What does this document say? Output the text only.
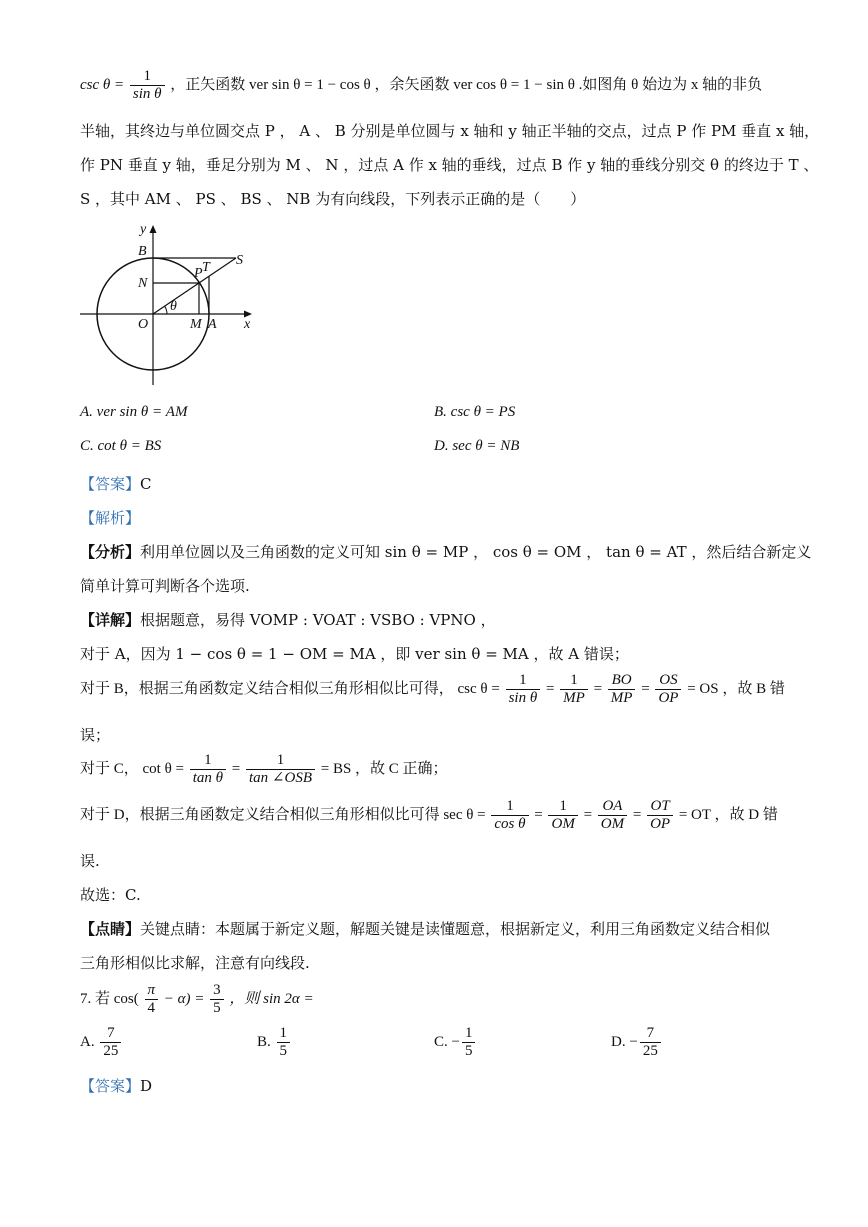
$\csc \theta = \frac{1}{\text{sin θ}}$ ，正矢函数 ver sin θ = 1 − cos θ ，余矢函数 ver cos θ = 1 − sin θ .如图角 θ 始边为 x 轴的非负
半轴，其终边与单位圆交点 P ， A 、 B 分别是单位圆与 x 轴和 y 轴正半轴的交点，过点 P 作 PM 垂直 x 轴，
作 PN 垂直 y 轴，垂足分别为 M 、 N ，过点 A 作 x 轴的垂线，过点 B 作 y 轴的垂线分别交 θ 的终边于 T 、
S ，其中 AM 、 PS 、 BS 、 NB 为有向线段，下列表示正确的是（　　）
y
B
N
P T S
θ
O	M A x
A. ver sin θ = AM	B. csc θ = PS
C. cot θ = BS	D. sec θ = NB
【答案】C
【解析】
【分析】利用单位圆以及三角函数的定义可知 sin θ = MP ， cos θ = OM ， tan θ = AT ，然后结合新定义
简单计算可判断各个选项.
【详解】根据题意，易得 VOMP : VOAT : VSBO : VPNO ，
对于 A，因为 1 − cos θ = 1 − OM = MA ，即 ver sin θ = MA ，故 A 错误；
对于 B，根据三角函数定义结合相似三角形相似比可得， $\csc \theta = \frac{1}{\text{sin θ}} = \frac{1}{MP} = \frac{BO}{MP} = \frac{OS}{OP}$ = OS ，故 B 错
误；
对于 C， $\cot \theta = \frac{1}{\text{tan θ}} = \frac{1}{\text{tan ∠OSB}}$ = BS ，故 C 正确；
对于 D，根据三角函数定义结合相似三角形相似比可得 $\sec \theta = \frac{1}{\text{cos θ}} = \frac{1}{OM} = \frac{OA}{OM} = \frac{OT}{OP}$ = OT ，故 D 错
误.
故选：C.
【点睛】关键点睛：本题属于新定义题，解题关键是读懂题意，根据新定义，利用三角函数定义结合相似
三角形相似比求解，注意有向线段.
7. 若 $\cos( \frac{\pi}{4} - \alpha) = \frac{3}{5}$ ，则 sin 2α =
A. $\frac{7}{25}$	B. $\frac{1}{5}$	C. − $\frac{1}{5}$	D. − $\frac{7}{25}$
【答案】D
